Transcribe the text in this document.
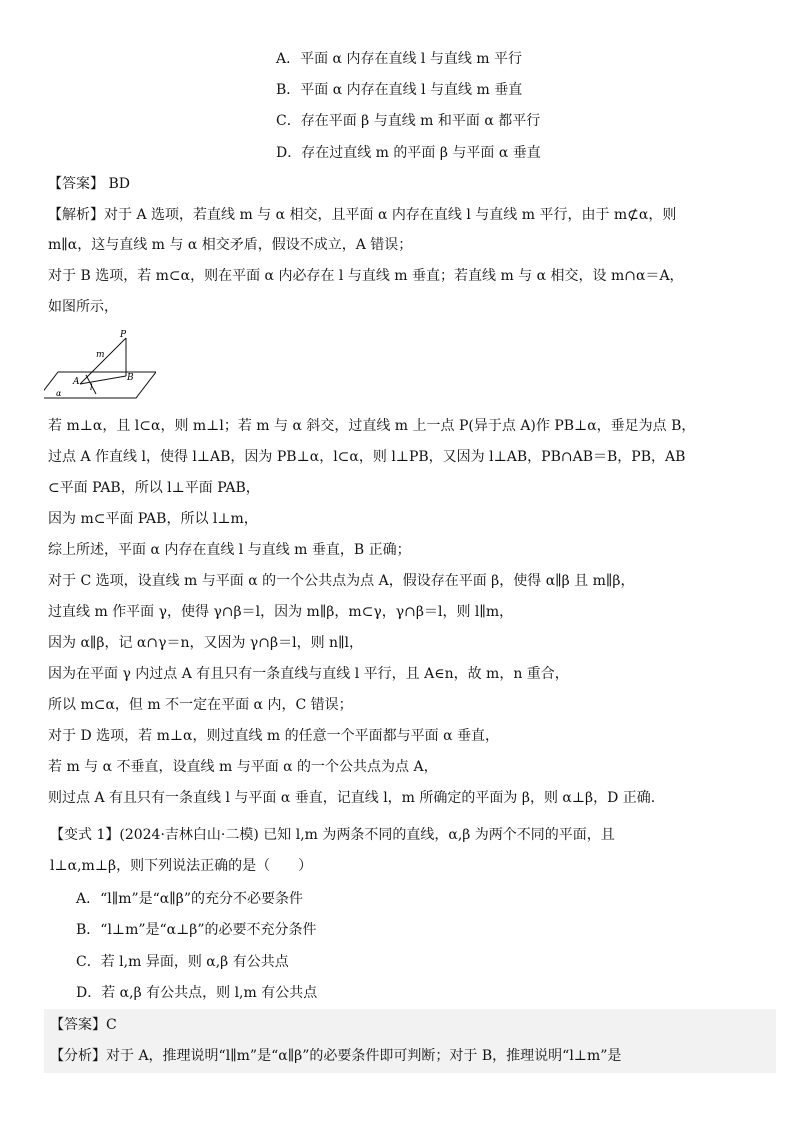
A．平面 α 内存在直线 l 与直线 m 平行
B．平面 α 内存在直线 l 与直线 m 垂直
C．存在平面 β 与直线 m 和平面 α 都平行
D．存在过直线 m 的平面 β 与平面 α 垂直
【答案】 BD
【解析】对于 A 选项，若直线 m 与 α 相交，且平面 α 内存在直线 l 与直线 m 平行，由于 m⊄α，则
m∥α，这与直线 m 与 α 相交矛盾，假设不成立，A 错误；
对于 B 选项，若 m⊂α，则在平面 α 内必存在 l 与直线 m 垂直；若直线 m 与 α 相交，设 m∩α＝A，
如图所示，
P
m
A	B
l
α
若 m⊥α，且 l⊂α，则 m⊥l；若 m 与 α 斜交，过直线 m 上一点 P(异于点 A)作 PB⊥α，垂足为点 B，
过点 A 作直线 l，使得 l⊥AB，因为 PB⊥α，l⊂α，则 l⊥PB，又因为 l⊥AB，PB∩AB＝B，PB，AB
⊂平面 PAB，所以 l⊥平面 PAB，
因为 m⊂平面 PAB，所以 l⊥m，
综上所述，平面 α 内存在直线 l 与直线 m 垂直，B 正确；
对于 C 选项，设直线 m 与平面 α 的一个公共点为点 A，假设存在平面 β，使得 α∥β 且 m∥β，
过直线 m 作平面 γ，使得 γ∩β＝l，因为 m∥β，m⊂γ，γ∩β＝l，则 l∥m，
因为 α∥β，记 α∩γ＝n，又因为 γ∩β＝l，则 n∥l，
因为在平面 γ 内过点 A 有且只有一条直线与直线 l 平行，且 A∈n，故 m，n 重合，
所以 m⊂α，但 m 不一定在平面 α 内，C 错误；
对于 D 选项，若 m⊥α，则过直线 m 的任意一个平面都与平面 α 垂直，
若 m 与 α 不垂直，设直线 m 与平面 α 的一个公共点为点 A，
则过点 A 有且只有一条直线 l 与平面 α 垂直，记直线 l，m 所确定的平面为 β，则 α⊥β，D 正确.
【变式 1】(2024·吉林白山·二模) 已知 l,m 为两条不同的直线，α,β 为两个不同的平面，且
l⊥α,m⊥β，则下列说法正确的是（　　）
A．“l∥m”是“α∥β”的充分不必要条件
B．“l⊥m”是“α⊥β”的必要不充分条件
C．若 l,m 异面，则 α,β 有公共点
D．若 α,β 有公共点，则 l,m 有公共点
【答案】C
【分析】对于 A，推理说明“l∥m”是“α∥β”的必要条件即可判断；对于 B，推理说明“l⊥m”是
